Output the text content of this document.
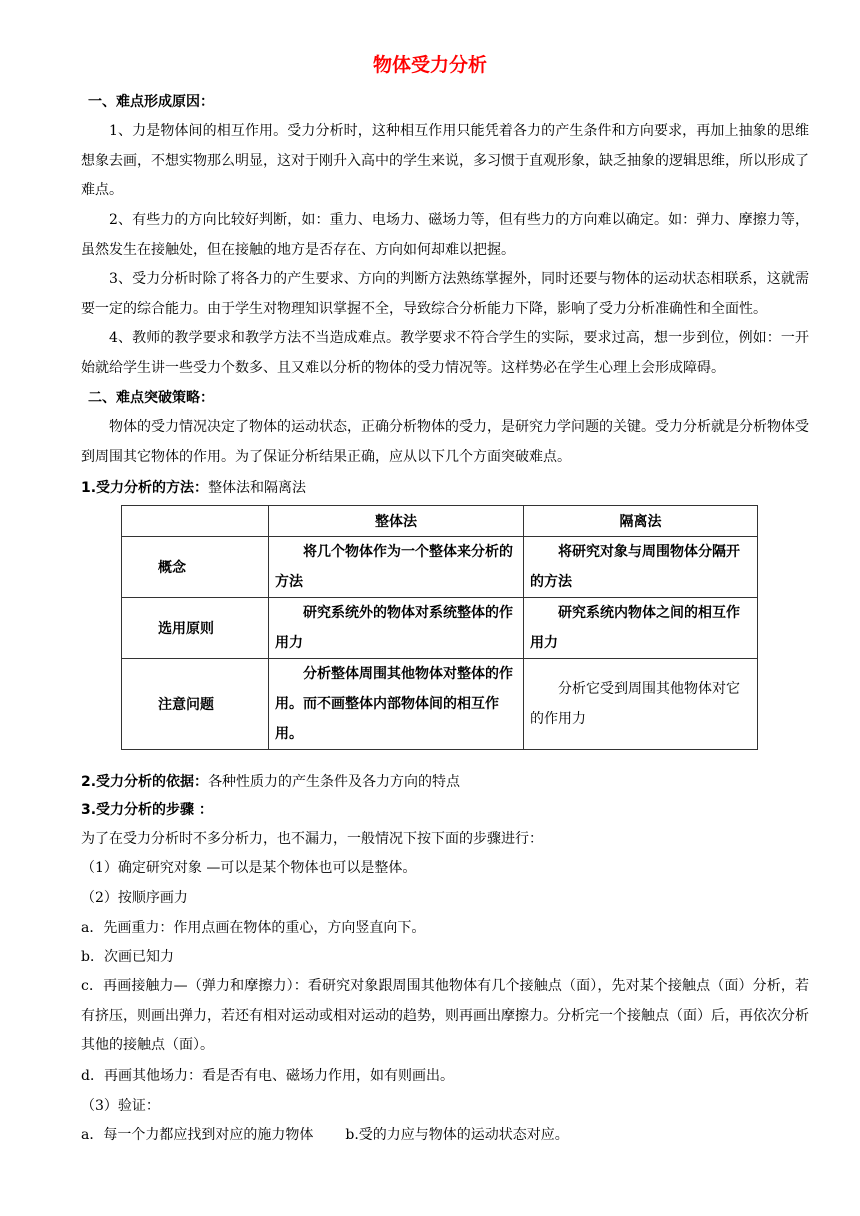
物体受力分析
一、难点形成原因：

1、力是物体间的相互作用。受力分析时，这种相互作用只能凭着各力的产生条件和方向要求，再加上抽象的思维想象去画，不想实物那么明显，这对于刚升入高中的学生来说，多习惯于直观形象，缺乏抽象的逻辑思维，所以形成了难点。

2、有些力的方向比较好判断，如：重力、电场力、磁场力等，但有些力的方向难以确定。如：弹力、摩擦力等，虽然发生在接触处，但在接触的地方是否存在、方向如何却难以把握。

3、受力分析时除了将各力的产生要求、方向的判断方法熟练掌握外，同时还要与物体的运动状态相联系，这就需要一定的综合能力。由于学生对物理知识掌握不全，导致综合分析能力下降，影响了受力分析准确性和全面性。

4、教师的教学要求和教学方法不当造成难点。教学要求不符合学生的实际，要求过高，想一步到位，例如：一开始就给学生讲一些受力个数多、且又难以分析的物体的受力情况等。这样势必在学生心理上会形成障碍。

二、难点突破策略：

物体的受力情况决定了物体的运动状态，正确分析物体的受力，是研究力学问题的关键。受力分析就是分析物体受到周围其它物体的作用。为了保证分析结果正确，应从以下几个方面突破难点。

1.受力分析的方法：整体法和隔离法
	整体法	隔离法
概念	将几个物体作为一个整体来分析的方法	将研究对象与周围物体分隔开的方法
选用原则	研究系统外的物体对系统整体的作用力	研究系统内物体之间的相互作用力
注意问题	分析整体周围其他物体对整体的作用。而不画整体内部物体间的相互作用。	分析它受到周围其他物体对它的作用力
2.受力分析的依据：各种性质力的产生条件及各力方向的特点
3.受力分析的步骤 ：
为了在受力分析时不多分析力，也不漏力，一般情况下按下面的步骤进行：
（1）确定研究对象 —可以是某个物体也可以是整体。
（2）按顺序画力
a．先画重力：作用点画在物体的重心，方向竖直向下。
b．次画已知力

c．再画接触力—（弹力和摩擦力）：看研究对象跟周围其他物体有几个接触点（面），先对某个接触点（面）分析，若有挤压，则画出弹力，若还有相对运动或相对运动的趋势，则再画出摩擦力。分析完一个接触点（面）后，再依次分析其他的接触点（面）。

d．再画其他场力：看是否有电、磁场力作用，如有则画出。
（3）验证：
a．每一个力都应找到对应的施力物体 b.受的力应与物体的运动状态对应。
